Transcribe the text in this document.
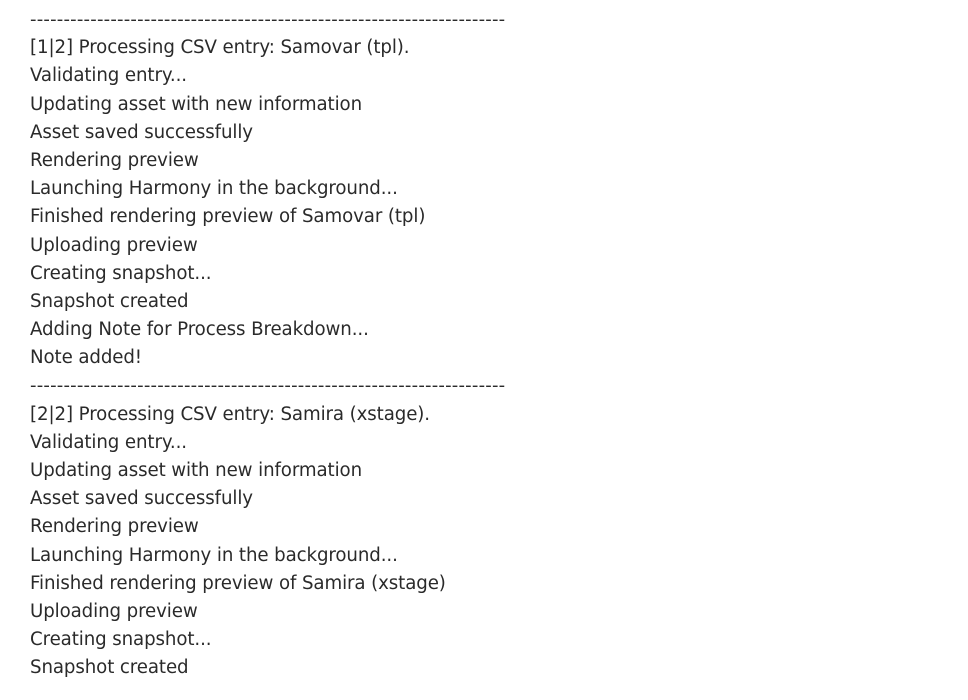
-----------------------------------------------------------------------
[1|2] Processing CSV entry: Samovar (tpl).
Validating entry...
Updating asset with new information
Asset saved successfully
Rendering preview
Launching Harmony in the background...
Finished rendering preview of Samovar (tpl)
Uploading preview
Creating snapshot...
Snapshot created
Adding Note for Process Breakdown...
Note added!
-----------------------------------------------------------------------
[2|2] Processing CSV entry: Samira (xstage).
Validating entry...
Updating asset with new information
Asset saved successfully
Rendering preview
Launching Harmony in the background...
Finished rendering preview of Samira (xstage)
Uploading preview
Creating snapshot...
Snapshot created
